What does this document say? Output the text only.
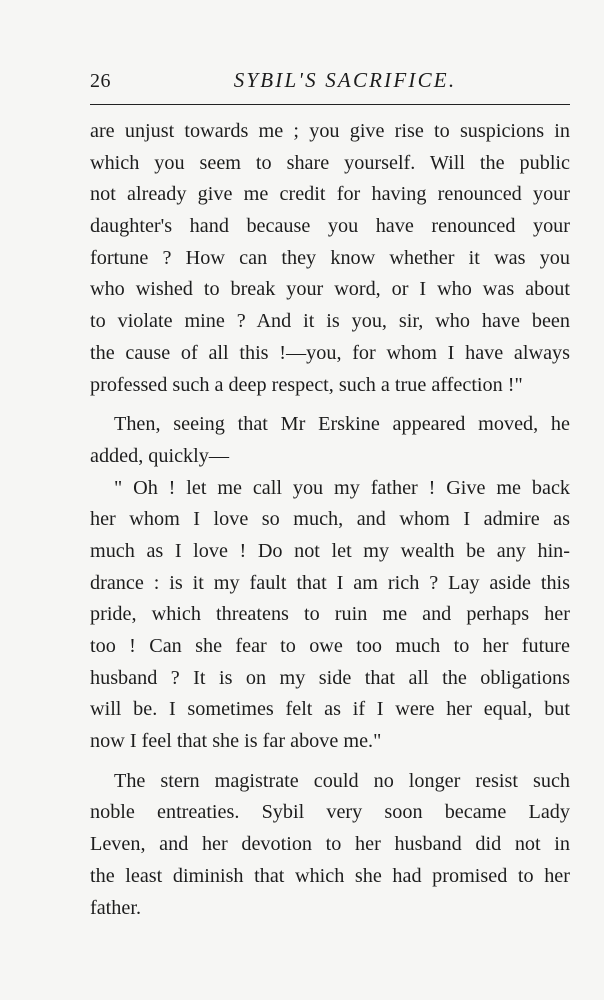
26	SYBIL'S SACRIFICE.
are unjust towards me ; you give rise to suspicions in
which you seem to share yourself. Will the public
not already give me credit for having renounced your
daughter's hand because you have renounced your
fortune ? How can they know whether it was you
who wished to break your word, or I who was about
to violate mine ? And it is you, sir, who have been
the cause of all this !—you, for whom I have always
professed such a deep respect, such a true affection !"
Then, seeing that Mr Erskine appeared moved, he
added, quickly—
" Oh ! let me call you my father ! Give me back
her whom I love so much, and whom I admire as
much as I love ! Do not let my wealth be any hin-
drance : is it my fault that I am rich ? Lay aside this
pride, which threatens to ruin me and perhaps her
too ! Can she fear to owe too much to her future
husband ? It is on my side that all the obligations
will be. I sometimes felt as if I were her equal, but
now I feel that she is far above me."
The stern magistrate could no longer resist such
noble entreaties. Sybil very soon became Lady
Leven, and her devotion to her husband did not in
the least diminish that which she had promised to her
father.
